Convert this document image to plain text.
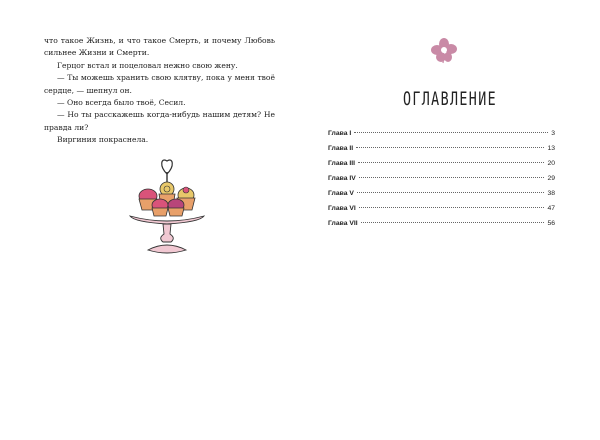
что такое Жизнь, и что такое Смерть, и почему Любовь сильнее Жизни и Смерти.

Герцог встал и поцеловал нежно свою жену.

— Ты можешь хранить свою клятву, пока у меня твоё сердце, — шепнул он.

— Оно всегда было твоё, Сесил.

— Но ты расскажешь когда-нибудь нашим детям? Не правда ли?

Виргиния покраснела.

ОГЛАВЛЕНИЕ
Глава I	3
Глава II	13
Глава III	20
Глава IV	29
Глава V	38
Глава VI	47
Глава VII	56
